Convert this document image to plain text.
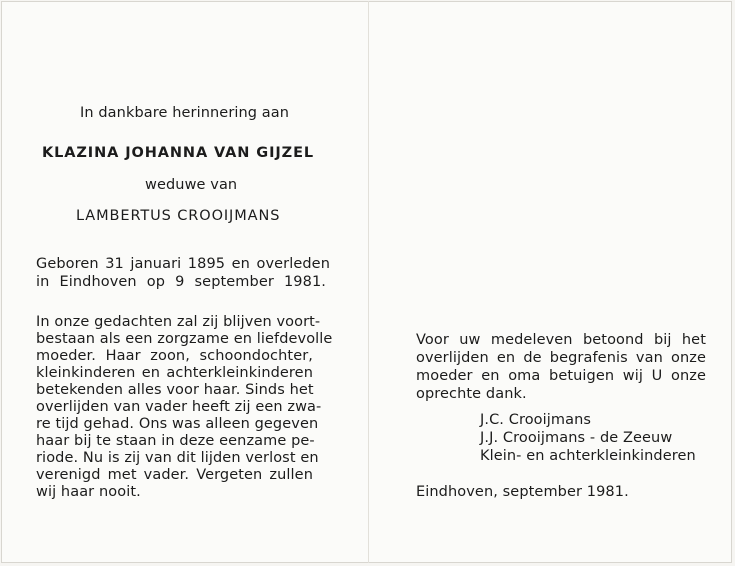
In dankbare herinnering aan
KLAZINA JOHANNA VAN GIJZEL
weduwe van
LAMBERTUS CROOIJMANS
Geboren 31 januari 1895 en overleden
in Eindhoven op 9 september 1981.
In onze gedachten zal zij blijven voort-
bestaan als een zorgzame en liefdevolle
moeder. Haar zoon, schoondochter,
kleinkinderen en achterkleinkinderen
betekenden alles voor haar. Sinds het
overlijden van vader heeft zij een zwa-
re tijd gehad. Ons was alleen gegeven
haar bij te staan in deze eenzame pe-
riode. Nu is zij van dit lijden verlost en
verenigd met vader. Vergeten zullen
wij haar nooit.
Voor uw medeleven betoond bij het
overlijden en de begrafenis van onze
moeder en oma betuigen wij U onze
oprechte dank.
J.C. Crooijmans
J.J. Crooijmans - de Zeeuw
Klein- en achterkleinkinderen
Eindhoven, september 1981.
